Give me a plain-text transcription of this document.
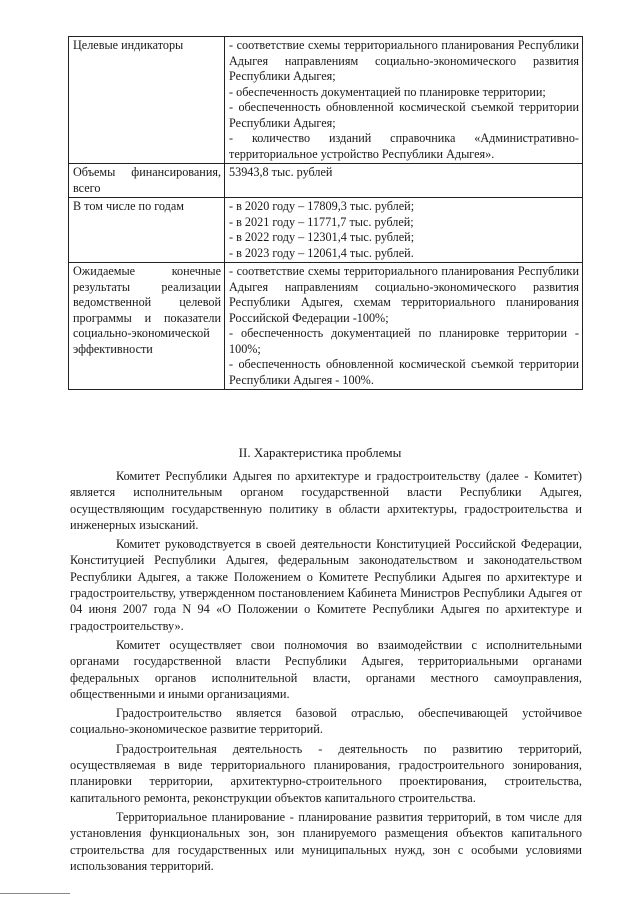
Целевые индикаторы	- соответствие схемы территориального планирования Республики Адыгея направлениям социально-экономического развития Республики Адыгея;
- обеспеченность документацией по планировке территории;
- обеспеченность обновленной космической съемкой территории Республики Адыгея;
- количество изданий справочника «Административно-территориальное устройство Республики Адыгея».

Объемы финансирования, всего	53943,8 тыс. рублей

В том числе по годам	- в 2020 году – 17809,3 тыс. рублей;
- в 2021 году – 11771,7 тыс. рублей;
- в 2022 году – 12301,4 тыс. рублей;
- в 2023 году – 12061,4 тыс. рублей.

Ожидаемые конечные результаты реализации ведомственной целевой программы и показатели социально-экономической эффективности	- соответствие схемы территориального планирования Республики Адыгея направлениям социально-экономического развития Республики Адыгея, схемам территориального планирования Российской Федерации -100%;
- обеспеченность документацией по планировке территории - 100%;
- обеспеченность обновленной космической съемкой территории Республики Адыгея - 100%.
II. Характеристика проблемы

Комитет Республики Адыгея по архитектуре и градостроительству (далее - Комитет) является исполнительным органом государственной власти Республики Адыгея, осуществляющим государственную политику в области архитектуры, градостроительства и инженерных изысканий.

Комитет руководствуется в своей деятельности Конституцией Российской Федерации, Конституцией Республики Адыгея, федеральным законодательством и законодательством Республики Адыгея, а также Положением о Комитете Республики Адыгея по архитектуре и градостроительству, утвержденном постановлением Кабинета Министров Республики Адыгея от 04 июня 2007 года N 94 «О Положении о Комитете Республики Адыгея по архитектуре и градостроительству».

Комитет осуществляет свои полномочия во взаимодействии с исполнительными органами государственной власти Республики Адыгея, территориальными органами федеральных органов исполнительной власти, органами местного самоуправления, общественными и иными организациями.

Градостроительство является базовой отраслью, обеспечивающей устойчивое социально-экономическое развитие территорий.

Градостроительная деятельность - деятельность по развитию территорий, осуществляемая в виде территориального планирования, градостроительного зонирования, планировки территории, архитектурно-строительного проектирования, строительства, капитального ремонта, реконструкции объектов капитального строительства.

Территориальное планирование - планирование развития территорий, в том числе для установления функциональных зон, зон планируемого размещения объектов капитального строительства для государственных или муниципальных нужд, зон с особыми условиями использования территорий.
